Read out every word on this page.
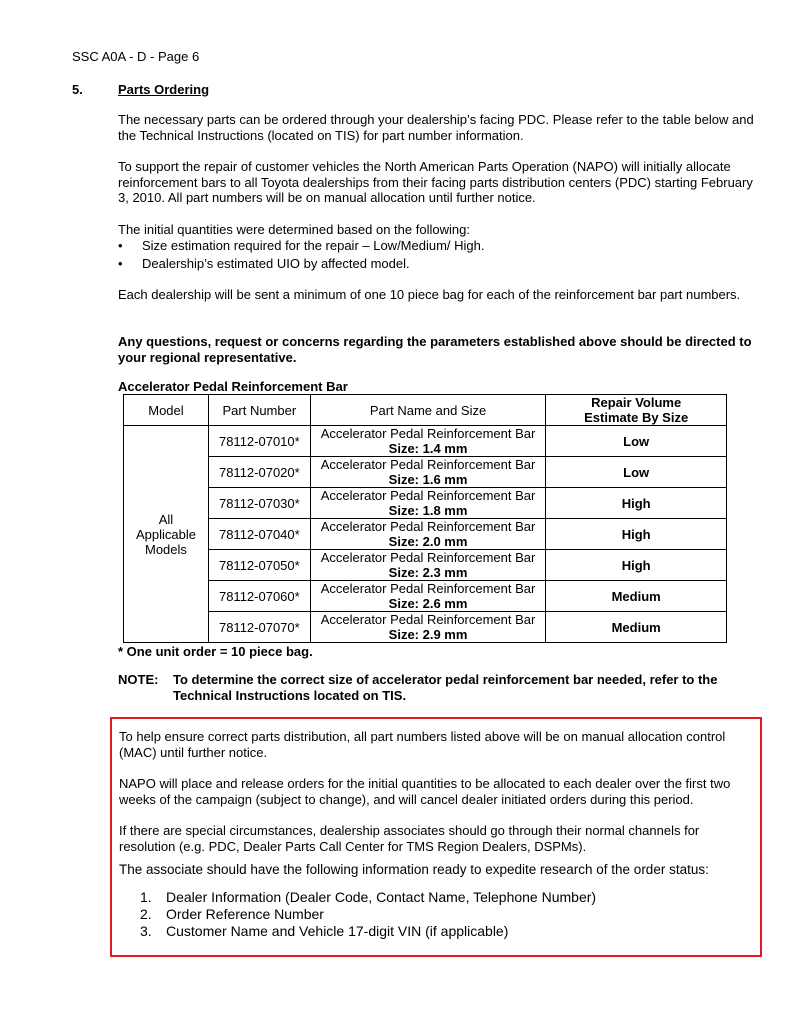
SSC A0A - D - Page 6
5.	Parts Ordering
The necessary parts can be ordered through your dealership’s facing PDC. Please refer to the table below and the Technical Instructions (located on TIS) for part number information.
To support the repair of customer vehicles the North American Parts Operation (NAPO) will initially allocate reinforcement bars to all Toyota dealerships from their facing parts distribution centers (PDC) starting February 3, 2010. All part numbers will be on manual allocation until further notice.
The initial quantities were determined based on the following:
• Size estimation required for the repair – Low/Medium/ High.
• Dealership’s estimated UIO by affected model.
Each dealership will be sent a minimum of one 10 piece bag for each of the reinforcement bar part numbers.
Any questions, request or concerns regarding the parameters established above should be directed to your regional representative.
Accelerator Pedal Reinforcement Bar
Model	Part Number	Part Name and Size	Repair Volume
Estimate By Size

All
Applicable
Models	78112-07010*	Accelerator Pedal Reinforcement Bar
Size: 1.4 mm	Low
	78112-07020*	Accelerator Pedal Reinforcement Bar
Size: 1.6 mm	Low
	78112-07030*	Accelerator Pedal Reinforcement Bar
Size: 1.8 mm	High
	78112-07040*	Accelerator Pedal Reinforcement Bar
Size: 2.0 mm	High
	78112-07050*	Accelerator Pedal Reinforcement Bar
Size: 2.3 mm	High
	78112-07060*	Accelerator Pedal Reinforcement Bar
Size: 2.6 mm	Medium
	78112-07070*	Accelerator Pedal Reinforcement Bar
Size: 2.9 mm	Medium
* One unit order = 10 piece bag.
NOTE: To determine the correct size of accelerator pedal reinforcement bar needed, refer to the Technical Instructions located on TIS.
To help ensure correct parts distribution, all part numbers listed above will be on manual allocation control (MAC) until further notice.
NAPO will place and release orders for the initial quantities to be allocated to each dealer over the first two weeks of the campaign (subject to change), and will cancel dealer initiated orders during this period.
If there are special circumstances, dealership associates should go through their normal channels for resolution (e.g. PDC, Dealer Parts Call Center for TMS Region Dealers, DSPMs).
The associate should have the following information ready to expedite research of the order status:
1. Dealer Information (Dealer Code, Contact Name, Telephone Number)
2. Order Reference Number
3. Customer Name and Vehicle 17-digit VIN (if applicable)
